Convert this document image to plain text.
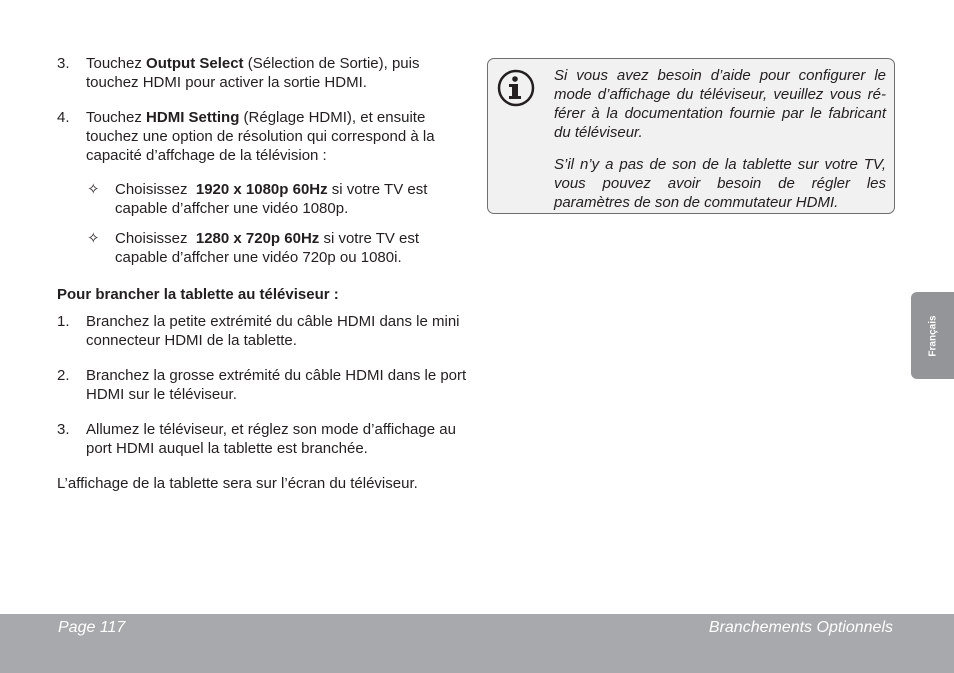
3. Touchez Output Select (Sélection de Sortie), puis touchez HDMI pour activer la sortie HDMI.
4. Touchez HDMI Setting (Réglage HDMI), et ensuite touchez une option de résolution qui correspond à la capacité d’affchage de la télévision :
✧ Choisissez  1920 x 1080p 60Hz si votre TV est capable d’affcher une vidéo 1080p.
✧ Choisissez  1280 x 720p 60Hz si votre TV est capable d’affcher une vidéo 720p ou 1080i.
Pour brancher la tablette au téléviseur :
1. Branchez la petite extrémité du câble HDMI dans le mini connecteur HDMI de la tablette.
2. Branchez la grosse extrémité du câble HDMI dans le port HDMI sur le téléviseur.
3. Allumez le téléviseur, et réglez son mode d’affichage au port HDMI auquel la tablette est branchée.
L’affichage de la tablette sera sur l’écran du téléviseur.

Si vous avez besoin d’aide pour configurer le mode d’affichage du téléviseur, veuillez vous ré-férer à la documentation fournie par le fabricant du téléviseur.

S’il n’y a pas de son de la tablette sur votre TV, vous pouvez avoir besoin de régler les paramètres de son de commutateur HDMI.

Français
Page 117	Branchements Optionnels
